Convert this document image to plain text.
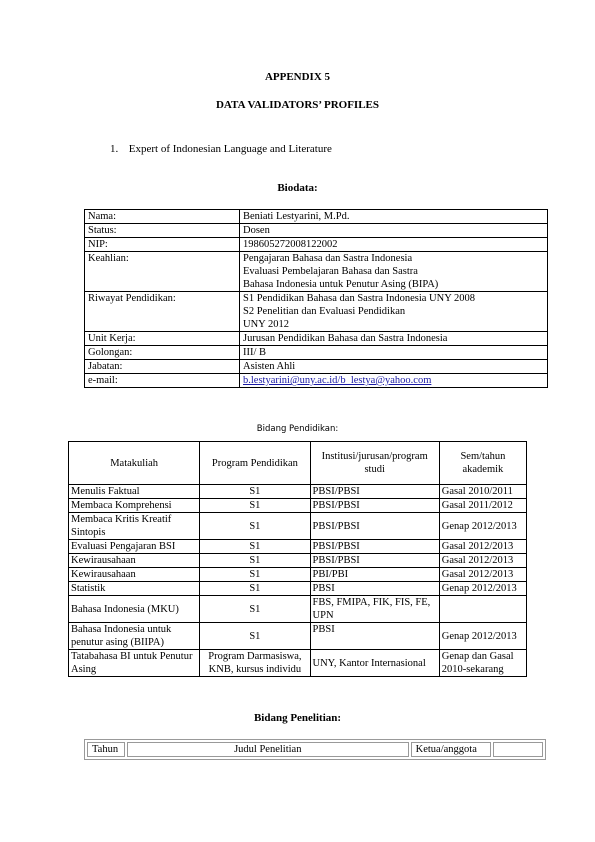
APPENDIX 5
DATA VALIDATORS’ PROFILES
1. Expert of Indonesian Language and Literature
Biodata:
Nama:	Beniati Lestyarini, M.Pd.

Status:	Dosen

NIP:	198605272008122002

Keahlian:	Pengajaran Bahasa dan Sastra Indonesia
Evaluasi Pembelajaran Bahasa dan Sastra
Bahasa Indonesia untuk Penutur Asing (BIPA)

Riwayat Pendidikan:	S1 Pendidikan Bahasa dan Sastra Indonesia UNY 2008
S2 Penelitian dan Evaluasi Pendidikan
UNY 2012

Unit Kerja:	Jurusan Pendidikan Bahasa dan Sastra Indonesia

Golongan:	III/ B

Jabatan:	Asisten Ahli

e-mail:	b.lestyarini@uny.ac.id/b_lestya@yahoo.com
Bidang Pendidikan:
Matakuliah	Program Pendidikan	Institusi/jurusan/program studi	Sem/tahun akademik
Menulis Faktual	S1	PBSI/PBSI	Gasal 2010/2011
Membaca Komprehensi	S1	PBSI/PBSI	Gasal 2011/2012
Membaca Kritis Kreatif Sintopis	S1	PBSI/PBSI	Genap 2012/2013
Evaluasi Pengajaran BSI	S1	PBSI/PBSI	Gasal 2012/2013
Kewirausahaan	S1	PBSI/PBSI	Gasal 2012/2013
Kewirausahaan	S1	PBI/PBI	Gasal 2012/2013
Statistik	S1	PBSI	Genap 2012/2013
Bahasa Indonesia (MKU)	S1	FBS, FMIPA, FIK, FIS, FE, UPN	
Bahasa Indonesia untuk penutur asing (BIIPA)	S1	PBSI	Genap 2012/2013
Tatabahasa BI untuk Penutur Asing	Program Darmasiswa, KNB, kursus individu	UNY, Kantor Internasional	Genap dan Gasal 2010-sekarang
Bidang Penelitian:
Tahun	Judul Penelitian	Ketua/anggota	
